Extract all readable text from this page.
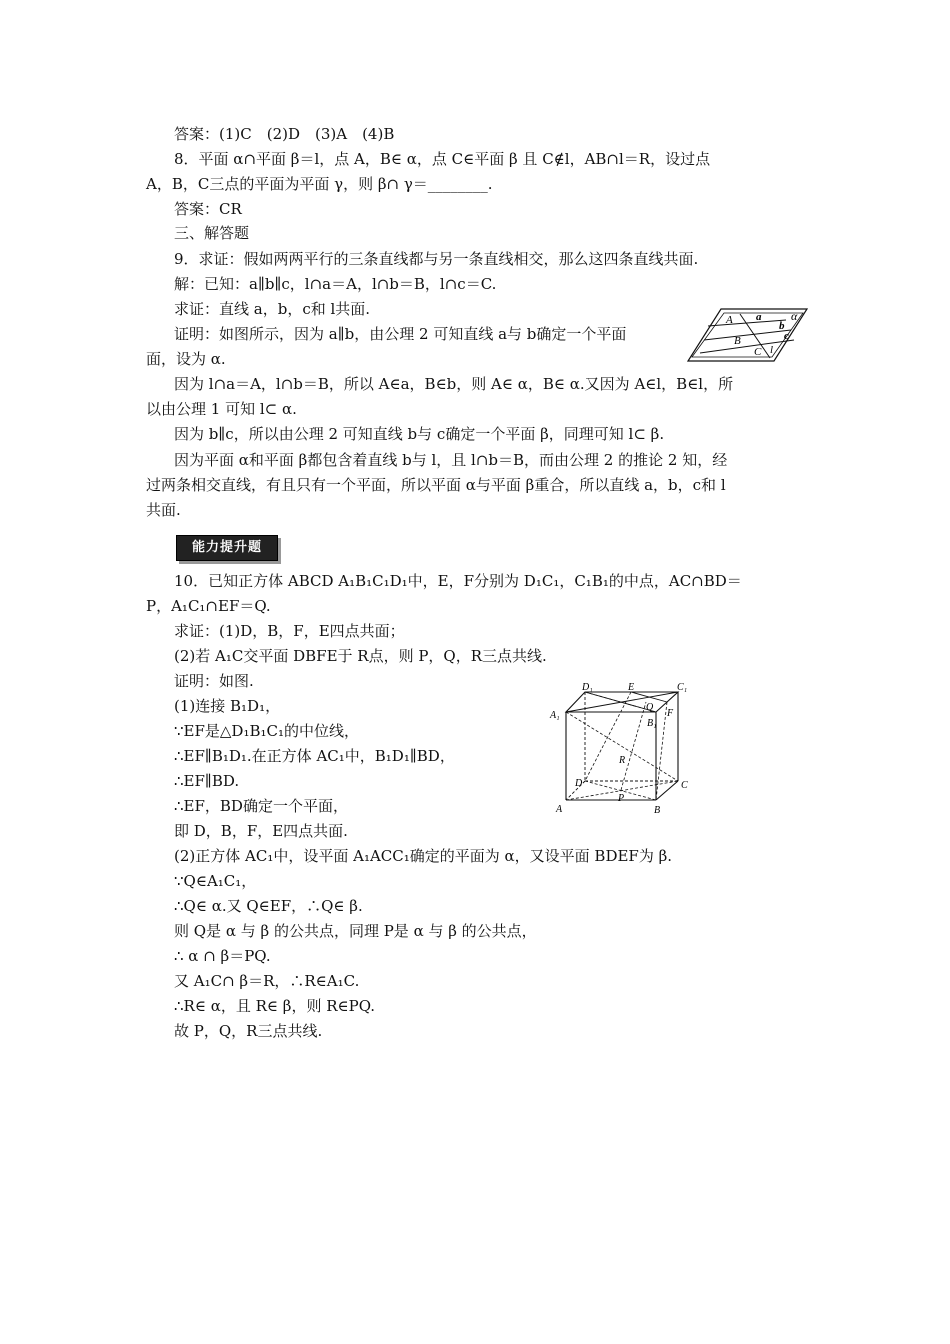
答案：(1)C　(2)D　(3)A　(4)B
8．平面 α∩平面 β＝l，点 A，B∈ α，点 C∈平面 β 且 C∉l，AB∩l＝R，设过点
A，B，C三点的平面为平面 γ，则 β∩ γ＝________.
答案：CR
三、解答题
9．求证：假如两两平行的三条直线都与另一条直线相交，那么这四条直线共面.
解：已知：a∥b∥c，l∩a＝A，l∩b＝B，l∩c＝C.
求证：直线 a，b，c和 l共面.
证明：如图所示，因为 a∥b，由公理 2 可知直线 a与 b确定一个平面
面，设为 α.
因为 l∩a＝A，l∩b＝B，所以 A∈a，B∈b，则 A∈ α，B∈ α.又因为 A∈l，B∈l，所
以由公理 1 可知 l⊂ α.
因为 b∥c，所以由公理 2 可知直线 b与 c确定一个平面 β，同理可知 l⊂ β.
因为平面 α和平面 β都包含着直线 b与 l，且 l∩b＝B，而由公理 2 的推论 2 知，经
过两条相交直线，有且只有一个平面，所以平面 α与平面 β重合，所以直线 a，b，c和 l
共面.
10．已知正方体 ABCD A₁B₁C₁D₁中，E，F分别为 D₁C₁，C₁B₁的中点，AC∩BD＝
P，A₁C₁∩EF＝Q.
求证：(1)D，B，F，E四点共面；
(2)若 A₁C交平面 DBFE于 R点，则 P，Q，R三点共线.
证明：如图.
(1)连接 B₁D₁，
∵EF是△D₁B₁C₁的中位线，
∴EF∥B₁D₁.在正方体 AC₁中，B₁D₁∥BD，
∴EF∥BD.
∴EF，BD确定一个平面，
即 D，B，F，E四点共面.
(2)正方体 AC₁中，设平面 A₁ACC₁确定的平面为 α，又设平面 BDEF为 β.
∵Q∈A₁C₁，
∴Q∈ α.又 Q∈EF，∴Q∈ β.
则 Q是 α 与 β 的公共点，同理 P是 α 与 β 的公共点，
∴ α ∩ β＝PQ.
又 A₁C∩ β＝R，∴R∈A₁C.
∴R∈ α，且 R∈ β，则 R∈PQ.
故 P，Q，R三点共线.
能力提升题
A a α
b
c
B
C l
D₁	E	C₁
A₁
Q
F
B₁
R
D	C
P
A	B
